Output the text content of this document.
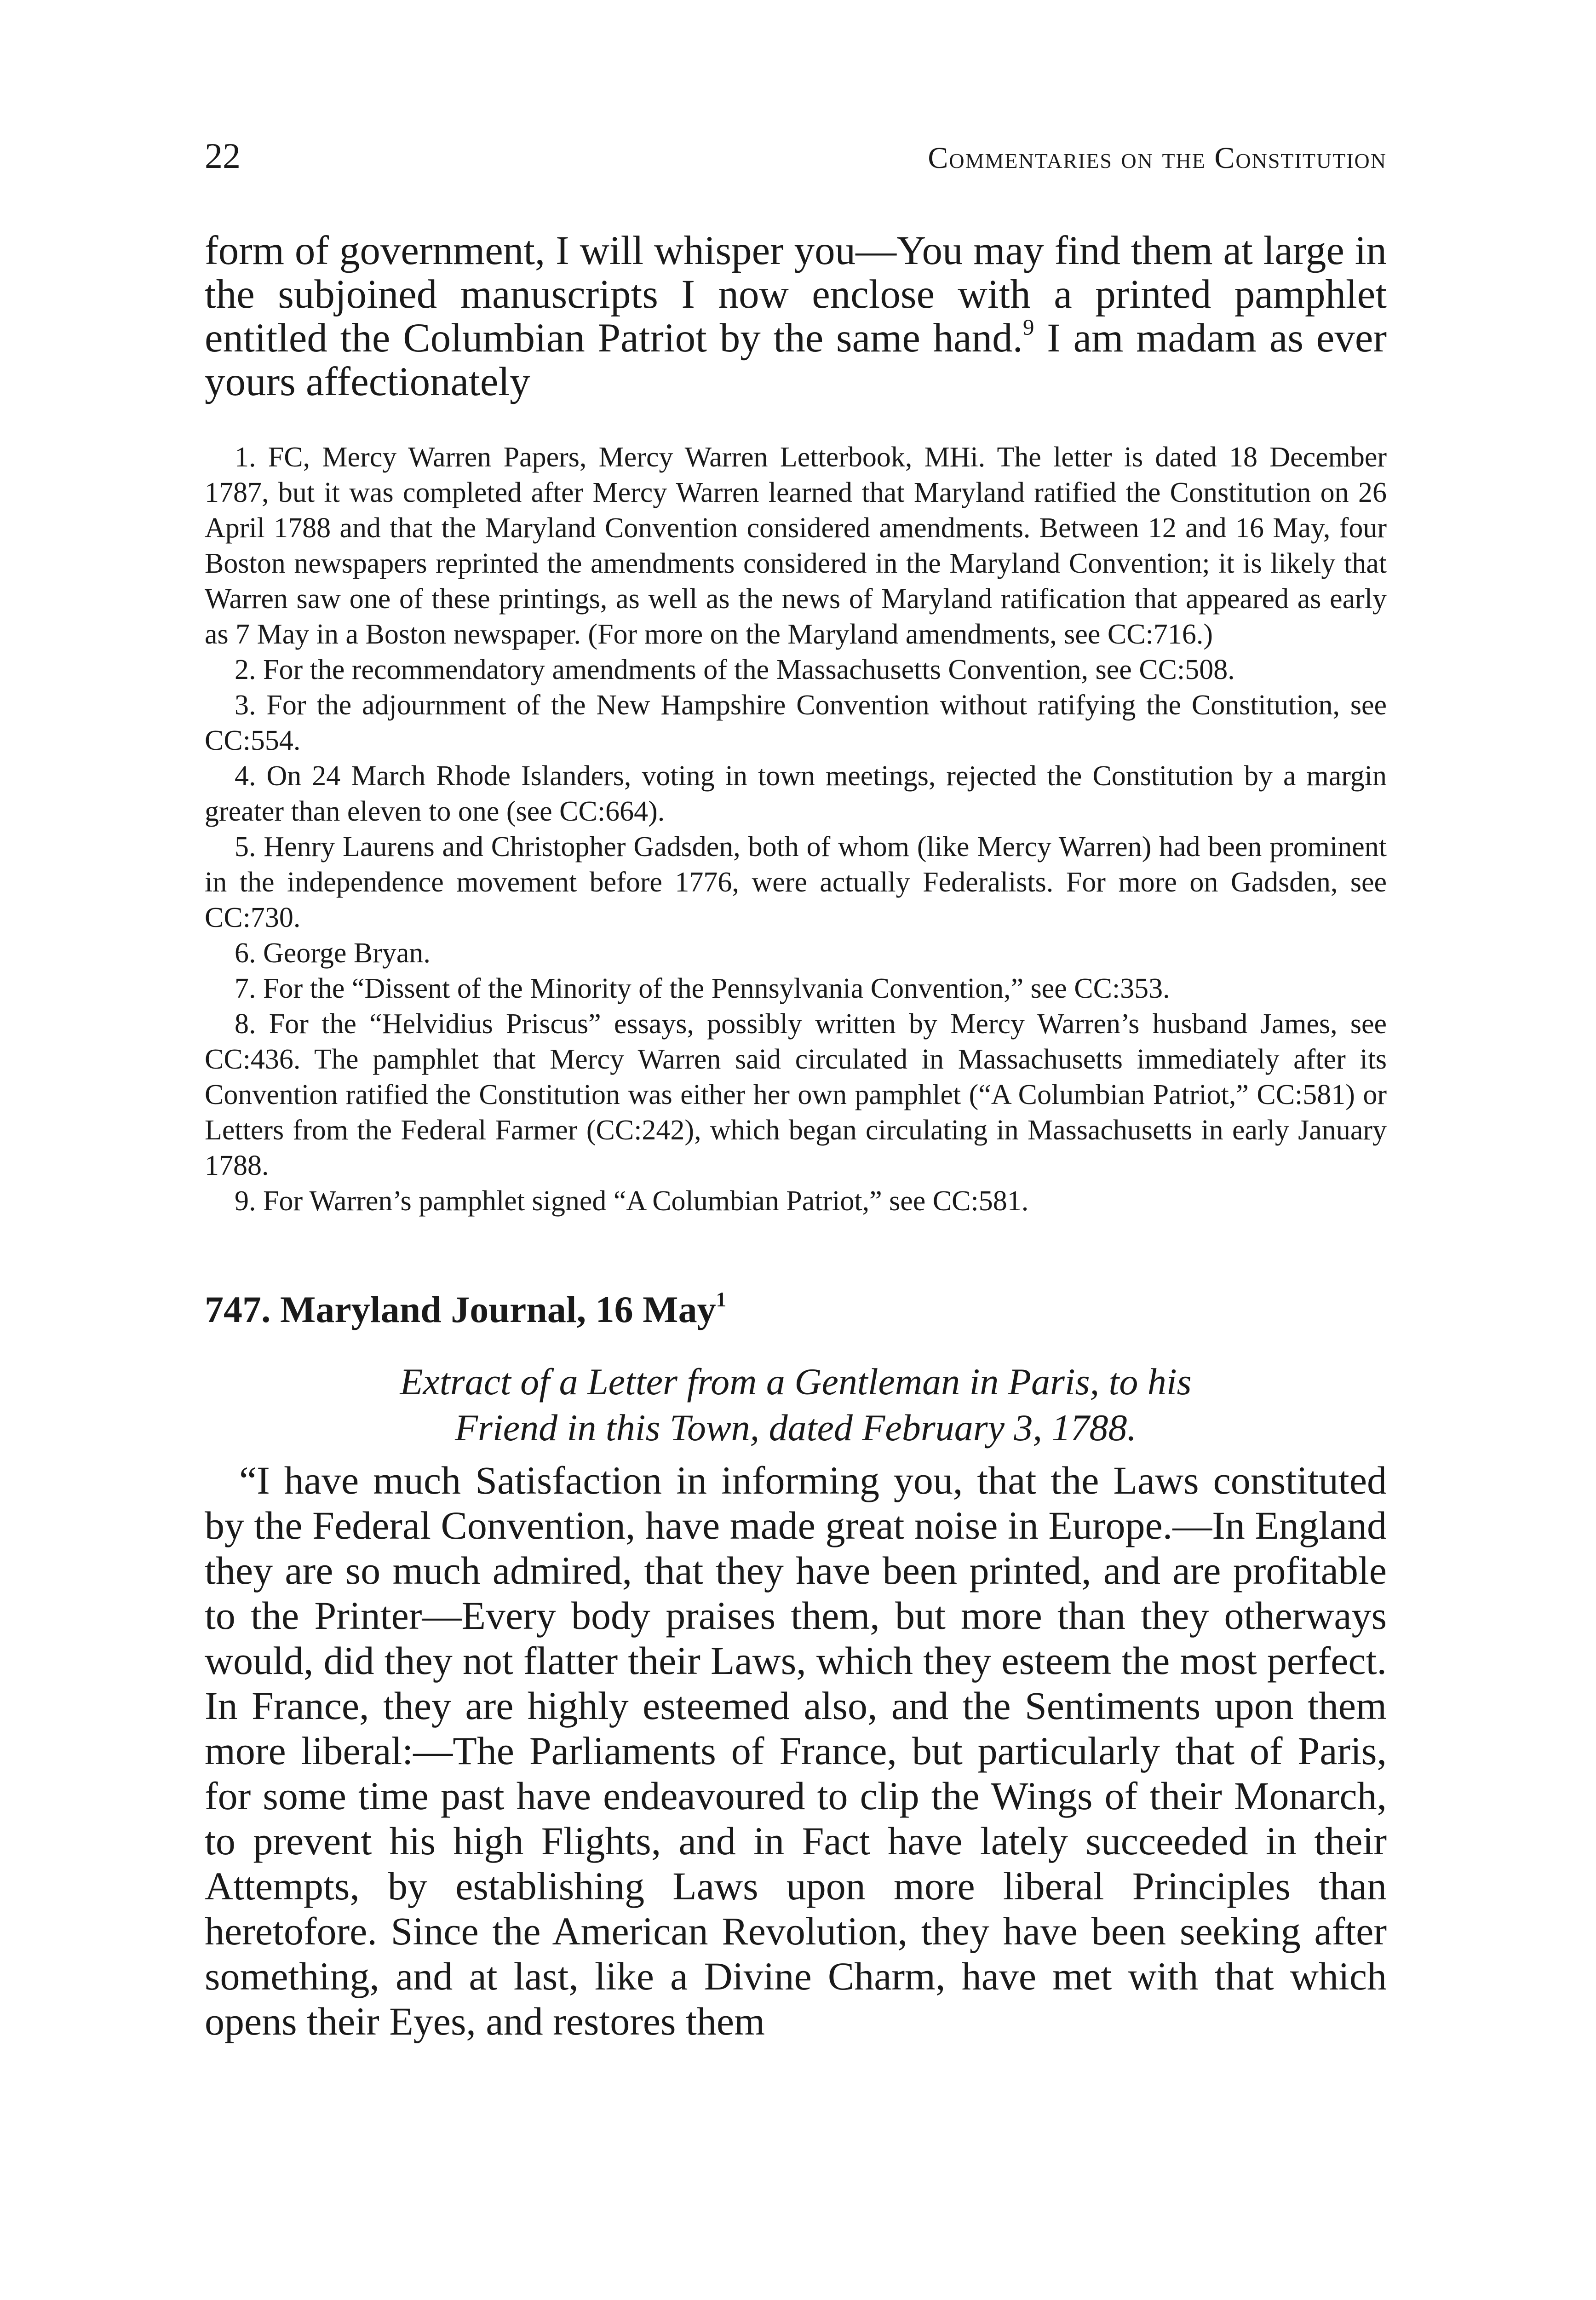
22	Commentaries on the Constitution

form of government, I will whisper you—You may find them at large in the subjoined manuscripts I now enclose with a printed pamphlet entitled the Columbian Patriot by the same hand.$^9$ I am madam as ever yours affectionately

1. FC, Mercy Warren Papers, Mercy Warren Letterbook, MHi. The letter is dated 18 December 1787, but it was completed after Mercy Warren learned that Maryland ratified the Constitution on 26 April 1788 and that the Maryland Convention considered amendments. Between 12 and 16 May, four Boston newspapers reprinted the amendments considered in the Maryland Convention; it is likely that Warren saw one of these printings, as well as the news of Maryland ratification that appeared as early as 7 May in a Boston newspaper. (For more on the Maryland amendments, see CC:716.)

2. For the recommendatory amendments of the Massachusetts Convention, see CC:508.

3. For the adjournment of the New Hampshire Convention without ratifying the Constitution, see CC:554.

4. On 24 March Rhode Islanders, voting in town meetings, rejected the Constitution by a margin greater than eleven to one (see CC:664).

5. Henry Laurens and Christopher Gadsden, both of whom (like Mercy Warren) had been prominent in the independence movement before 1776, were actually Federalists. For more on Gadsden, see CC:730.

6. George Bryan.

7. For the “Dissent of the Minority of the Pennsylvania Convention,” see CC:353.

8. For the “Helvidius Priscus” essays, possibly written by Mercy Warren’s husband James, see CC:436. The pamphlet that Mercy Warren said circulated in Massachusetts immediately after its Convention ratified the Constitution was either her own pamphlet (“A Columbian Patriot,” CC:581) or Letters from the Federal Farmer (CC:242), which began circulating in Massachusetts in early January 1788.

9. For Warren’s pamphlet signed “A Columbian Patriot,” see CC:581.

747. Maryland Journal, 16 May$^1$

Extract of a Letter from a Gentleman in Paris, to his
Friend in this Town, dated February 3, 1788.

“I have much Satisfaction in informing you, that the Laws constituted by the Federal Convention, have made great noise in Europe.—In England they are so much admired, that they have been printed, and are profitable to the Printer—Every body praises them, but more than they otherways would, did they not flatter their Laws, which they esteem the most perfect. In France, they are highly esteemed also, and the Sentiments upon them more liberal:—The Parliaments of France, but particularly that of Paris, for some time past have endeavoured to clip the Wings of their Monarch, to prevent his high Flights, and in Fact have lately succeeded in their Attempts, by establishing Laws upon more liberal Principles than heretofore. Since the American Revolution, they have been seeking after something, and at last, like a Divine Charm, have met with that which opens their Eyes, and restores them
